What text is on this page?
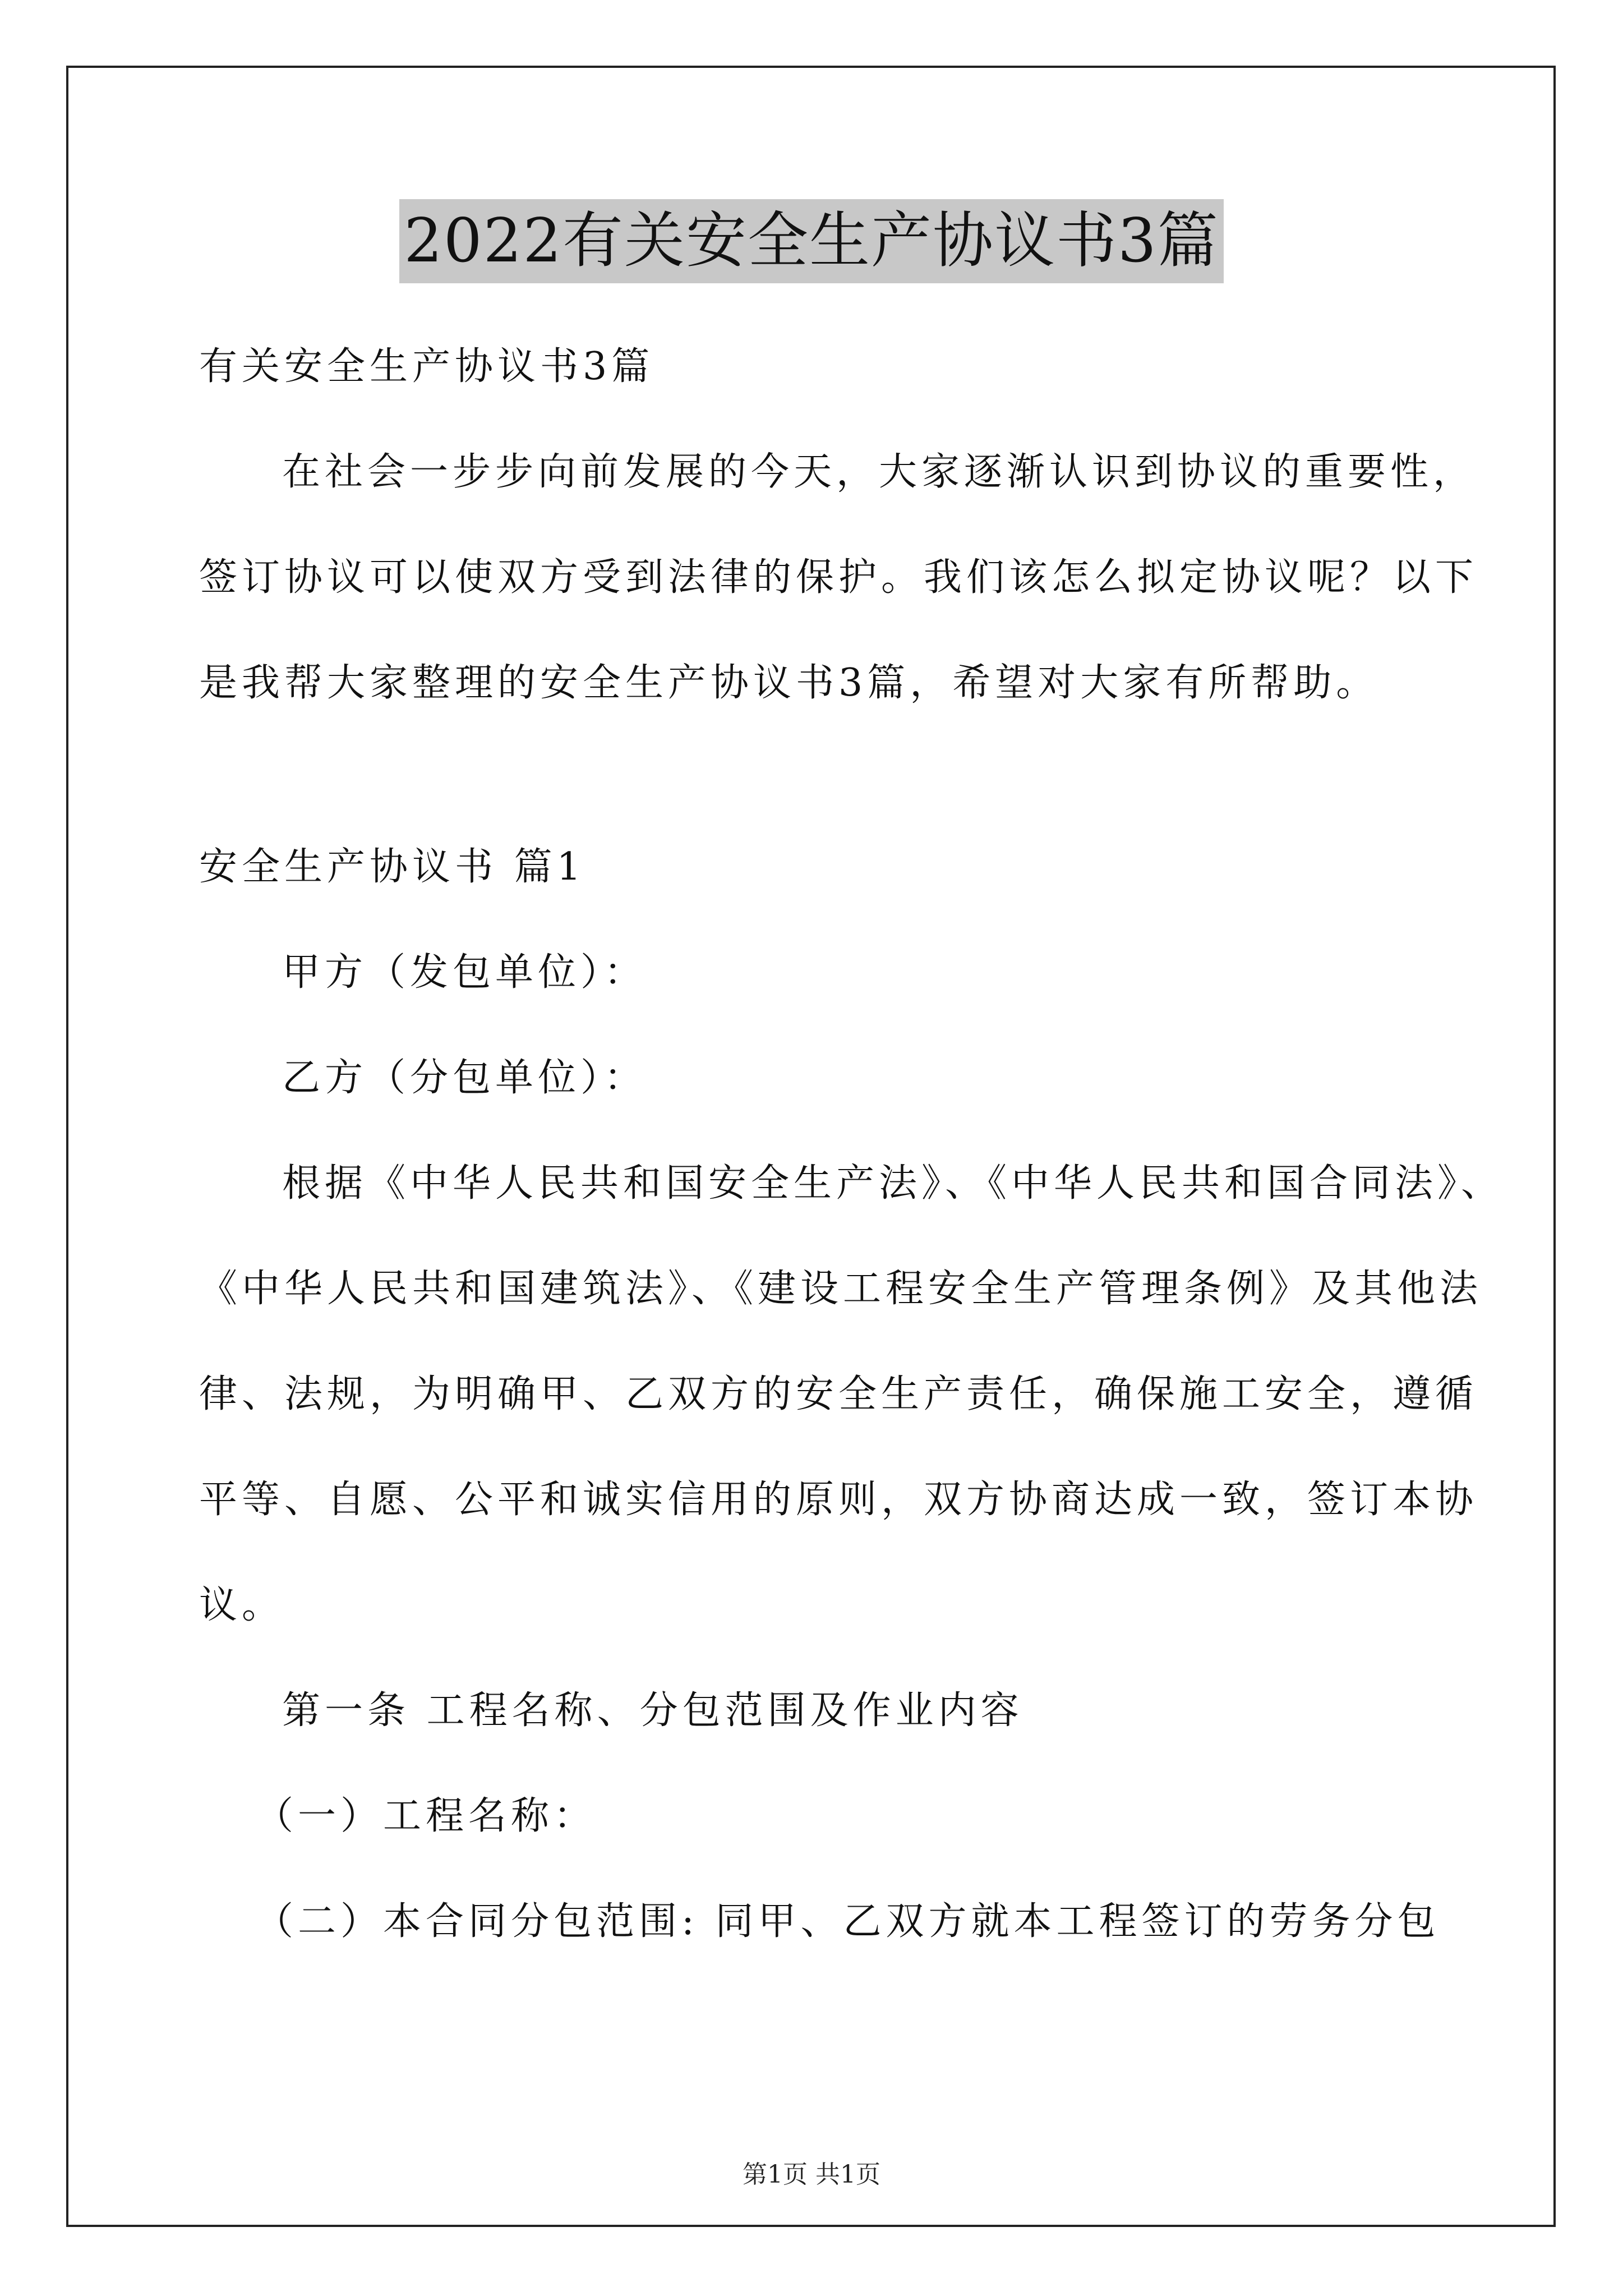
2022有关安全生产协议书3篇

有关安全生产协议书3篇

在社会一步步向前发展的今天，大家逐渐认识到协议的重要性，
签订协议可以使双方受到法律的保护。我们该怎么拟定协议呢？以下
是我帮大家整理的安全生产协议书3篇，希望对大家有所帮助。

安全生产协议书 篇1

甲方（发包单位）：

乙方（分包单位）：

根据《中华人民共和国安全生产法》、《中华人民共和国合同法》、
《中华人民共和国建筑法》、《建设工程安全生产管理条例》及其他法
律、法规，为明确甲、乙双方的安全生产责任，确保施工安全，遵循
平等、自愿、公平和诚实信用的原则，双方协商达成一致，签订本协
议。

第一条 工程名称、分包范围及作业内容

（一）工程名称：

（二）本合同分包范围: 同甲、乙双方就本工程签订的劳务分包

第1页 共1页
